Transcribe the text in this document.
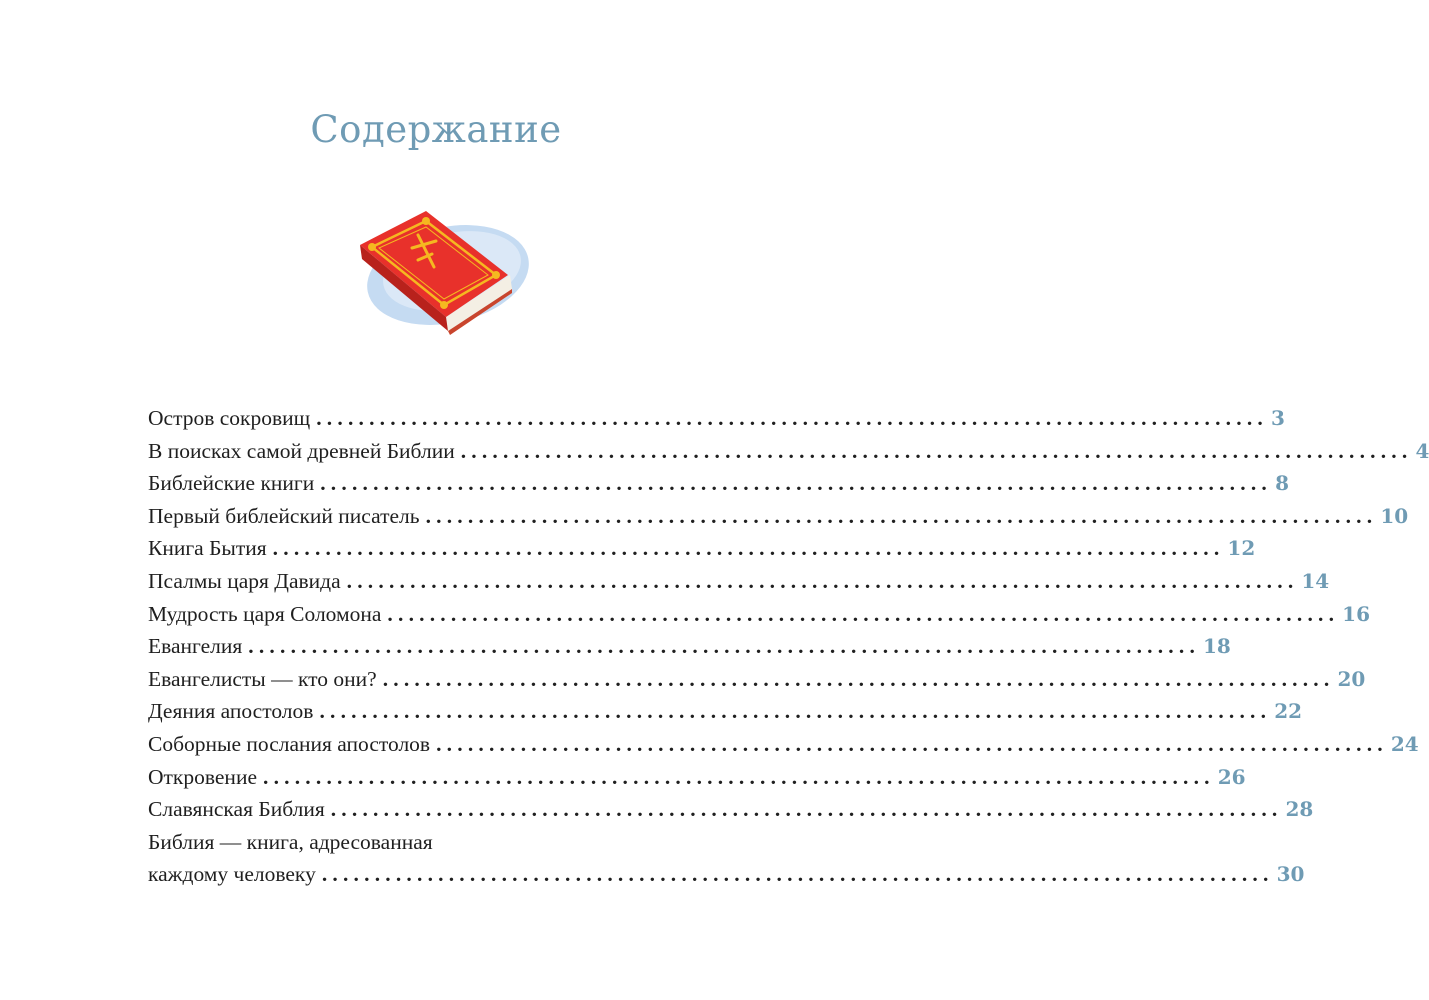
Содержание
Остров сокровищ .......................................................................................... 3
В поисках самой древней Библии .......................................................................................... 4
Библейские книги .......................................................................................... 8
Первый библейский писатель .......................................................................................... 10
Книга Бытия .......................................................................................... 12
Псалмы царя Давида .......................................................................................... 14
Мудрость царя Соломона .......................................................................................... 16
Евангелия .......................................................................................... 18
Евангелисты — кто они? .......................................................................................... 20
Деяния апостолов .......................................................................................... 22
Соборные послания апостолов .......................................................................................... 24
Откровение .......................................................................................... 26
Славянская Библия .......................................................................................... 28
Библия — книга, адресованная
каждому человеку .......................................................................................... 30
